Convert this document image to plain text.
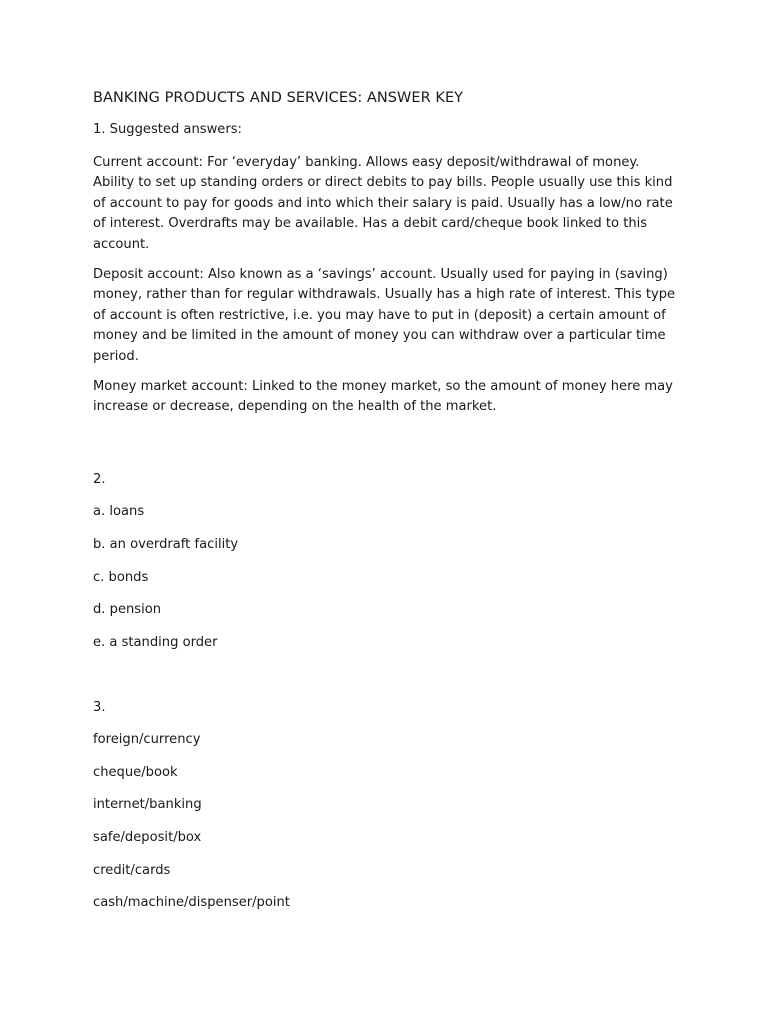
BANKING PRODUCTS AND SERVICES: ANSWER KEY
1. Suggested answers:
Current account: For ‘everyday’ banking. Allows easy deposit/withdrawal of money. Ability to set up standing orders or direct debits to pay bills. People usually use this kind of account to pay for goods and into which their salary is paid. Usually has a low/no rate of interest. Overdrafts may be available. Has a debit card/cheque book linked to this account.
Deposit account: Also known as a ‘savings’ account. Usually used for paying in (saving) money, rather than for regular withdrawals. Usually has a high rate of interest. This type of account is often restrictive, i.e. you may have to put in (deposit) a certain amount of money and be limited in the amount of money you can withdraw over a particular time period.
Money market account: Linked to the money market, so the amount of money here may increase or decrease, depending on the health of the market.
2.
a. loans
b. an overdraft facility
c. bonds
d. pension
e. a standing order
3.
foreign/currency
cheque/book
internet/banking
safe/deposit/box
credit/cards
cash/machine/dispenser/point
